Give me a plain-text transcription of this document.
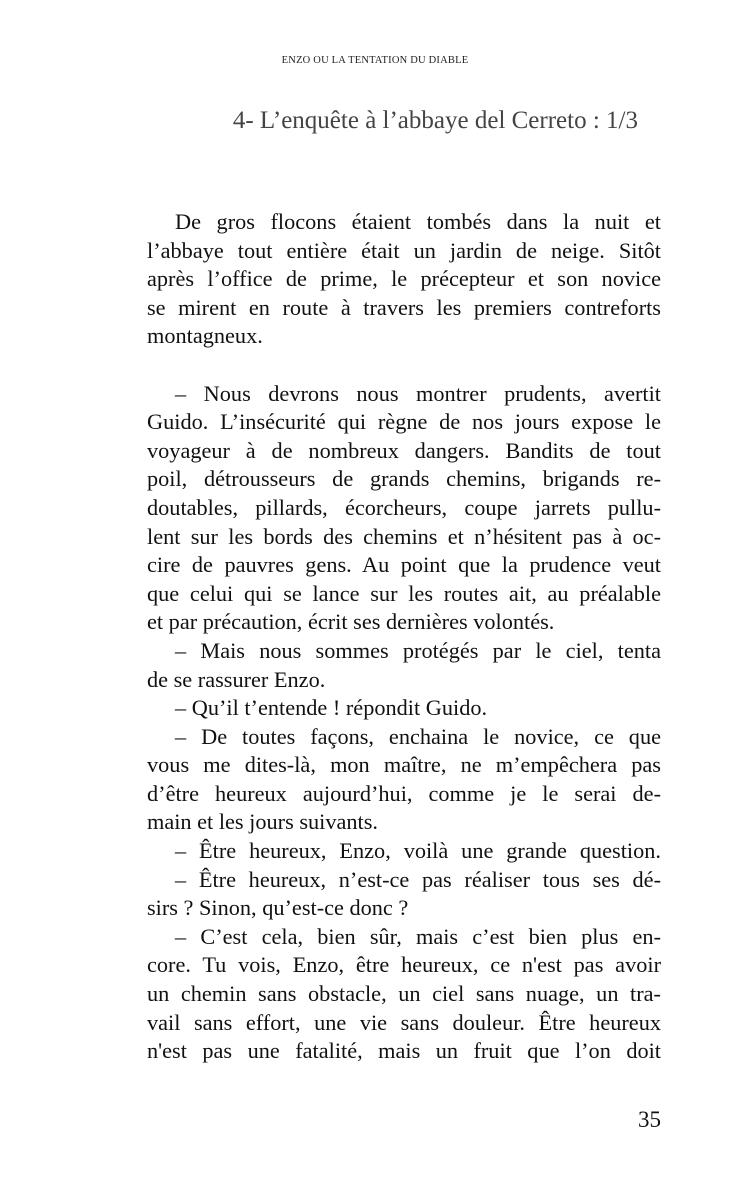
ENZO OU LA TENTATION DU DIABLE
4- L’enquête à l’abbaye del Cerreto : 1/3
De gros flocons étaient tombés dans la nuit et
l’abbaye tout entière était un jardin de neige. Sitôt
après l’office de prime, le précepteur et son novice
se mirent en route à travers les premiers contreforts
montagneux.
– Nous devrons nous montrer prudents, avertit
Guido. L’insécurité qui règne de nos jours expose le
voyageur à de nombreux dangers. Bandits de tout
poil, détrousseurs de grands chemins, brigands re-
doutables, pillards, écorcheurs, coupe jarrets pullu-
lent sur les bords des chemins et n’hésitent pas à oc-
cire de pauvres gens. Au point que la prudence veut
que celui qui se lance sur les routes ait, au préalable
et par précaution, écrit ses dernières volontés.
– Mais nous sommes protégés par le ciel, tenta
de se rassurer Enzo.
– Qu’il t’entende ! répondit Guido.
– De toutes façons, enchaina le novice, ce que
vous me dites-là, mon maître, ne m’empêchera pas
d’être heureux aujourd’hui, comme je le serai de-
main et les jours suivants.
– Être heureux, Enzo, voilà une grande question.
– Être heureux, n’est-ce pas réaliser tous ses dé-
sirs ? Sinon, qu’est-ce donc ?
– C’est cela, bien sûr, mais c’est bien plus en-
core. Tu vois, Enzo, être heureux, ce n'est pas avoir
un chemin sans obstacle, un ciel sans nuage, un tra-
vail sans effort, une vie sans douleur. Être heureux
n'est pas une fatalité, mais un fruit que l’on doit
35
